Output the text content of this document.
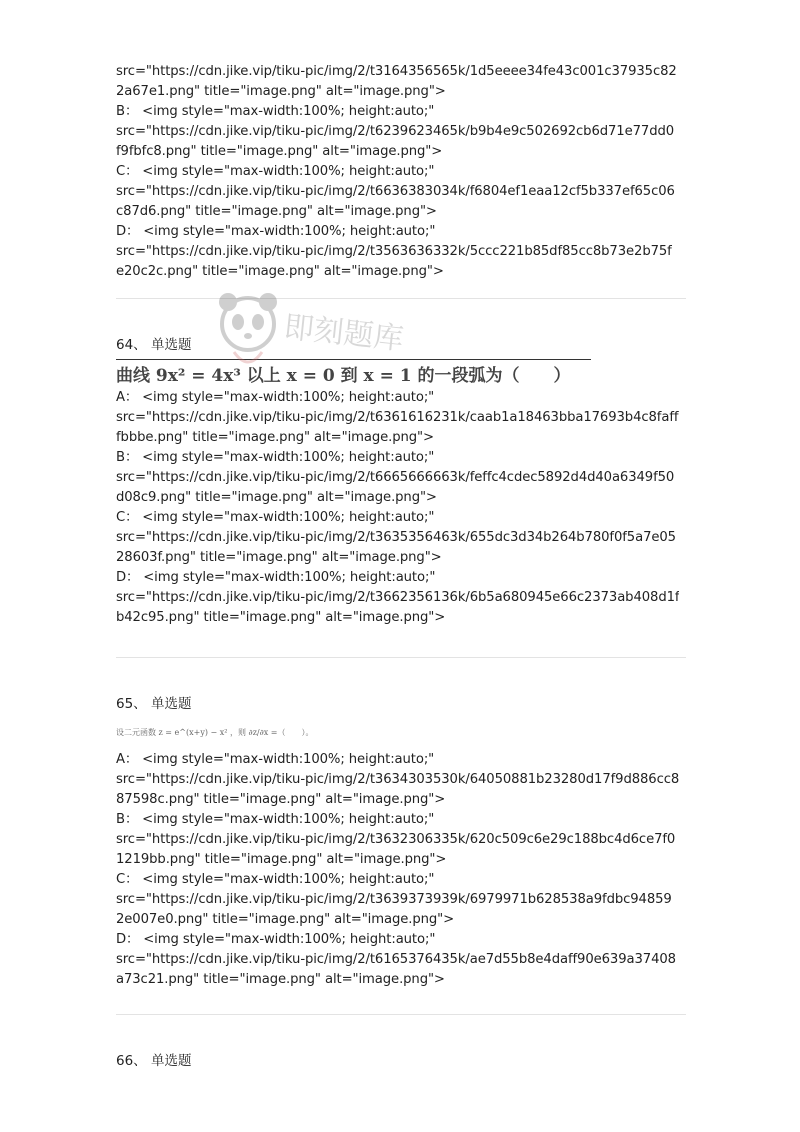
src="https://cdn.jike.vip/tiku-pic/img/2/t3164356565k/1d5eeee34fe43c001c37935c82
2a67e1.png" title="image.png" alt="image.png">
B： <img style="max-width:100%; height:auto;"
src="https://cdn.jike.vip/tiku-pic/img/2/t6239623465k/b9b4e9c502692cb6d71e77dd0
f9fbfc8.png" title="image.png" alt="image.png">
C： <img style="max-width:100%; height:auto;"
src="https://cdn.jike.vip/tiku-pic/img/2/t6636383034k/f6804ef1eaa12cf5b337ef65c06
c87d6.png" title="image.png" alt="image.png">
D： <img style="max-width:100%; height:auto;"
src="https://cdn.jike.vip/tiku-pic/img/2/t3563636332k/5ccc221b85df85cc8b73e2b75f
e20c2c.png" title="image.png" alt="image.png">
64、 单选题
曲线 9x² = 4x³ 以上 x = 0 到 x = 1 的一段弧为（　　）
A： <img style="max-width:100%; height:auto;"
src="https://cdn.jike.vip/tiku-pic/img/2/t6361616231k/caab1a18463bba17693b4c8faff
fbbbe.png" title="image.png" alt="image.png">
B： <img style="max-width:100%; height:auto;"
src="https://cdn.jike.vip/tiku-pic/img/2/t6665666663k/feffc4cdec5892d4d40a6349f50
d08c9.png" title="image.png" alt="image.png">
C： <img style="max-width:100%; height:auto;"
src="https://cdn.jike.vip/tiku-pic/img/2/t3635356463k/655dc3d34b264b780f0f5a7e05
28603f.png" title="image.png" alt="image.png">
D： <img style="max-width:100%; height:auto;"
src="https://cdn.jike.vip/tiku-pic/img/2/t3662356136k/6b5a680945e66c2373ab408d1f
b42c95.png" title="image.png" alt="image.png">
65、 单选题
设二元函数 z = e^(x+y) − x² ，则 ∂z/∂x =（　　）。
A： <img style="max-width:100%; height:auto;"
src="https://cdn.jike.vip/tiku-pic/img/2/t3634303530k/64050881b23280d17f9d886cc8
87598c.png" title="image.png" alt="image.png">
B： <img style="max-width:100%; height:auto;"
src="https://cdn.jike.vip/tiku-pic/img/2/t3632306335k/620c509c6e29c188bc4d6ce7f0
1219bb.png" title="image.png" alt="image.png">
C： <img style="max-width:100%; height:auto;"
src="https://cdn.jike.vip/tiku-pic/img/2/t3639373939k/6979971b628538a9fdbc94859
2e007e0.png" title="image.png" alt="image.png">
D： <img style="max-width:100%; height:auto;"
src="https://cdn.jike.vip/tiku-pic/img/2/t6165376435k/ae7d55b8e4daff90e639a37408
a73c21.png" title="image.png" alt="image.png">
66、 单选题
即刻题库
